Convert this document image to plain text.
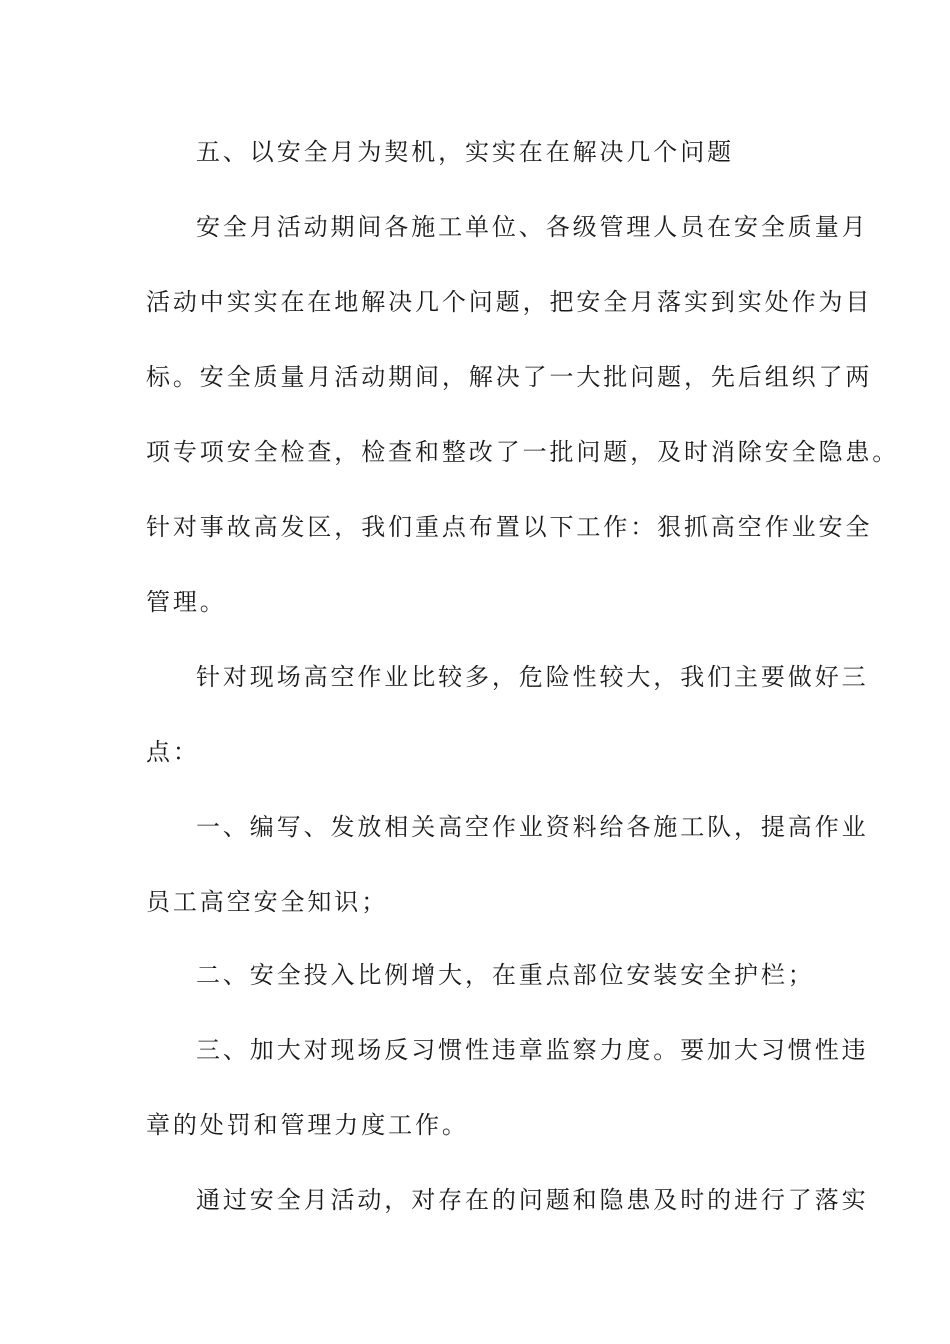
五、以安全月为契机，实实在在解决几个问题
安全月活动期间各施工单位、各级管理人员在安全质量月
活动中实实在在地解决几个问题，把安全月落实到实处作为目
标。安全质量月活动期间，解决了一大批问题，先后组织了两
项专项安全检查，检查和整改了一批问题，及时消除安全隐患。
针对事故高发区，我们重点布置以下工作：狠抓高空作业安全
管理。
针对现场高空作业比较多，危险性较大，我们主要做好三
点：
一、编写、发放相关高空作业资料给各施工队，提高作业
员工高空安全知识；
二、安全投入比例增大，在重点部位安装安全护栏；
三、加大对现场反习惯性违章监察力度。要加大习惯性违
章的处罚和管理力度工作。
通过安全月活动，对存在的问题和隐患及时的进行了落实
